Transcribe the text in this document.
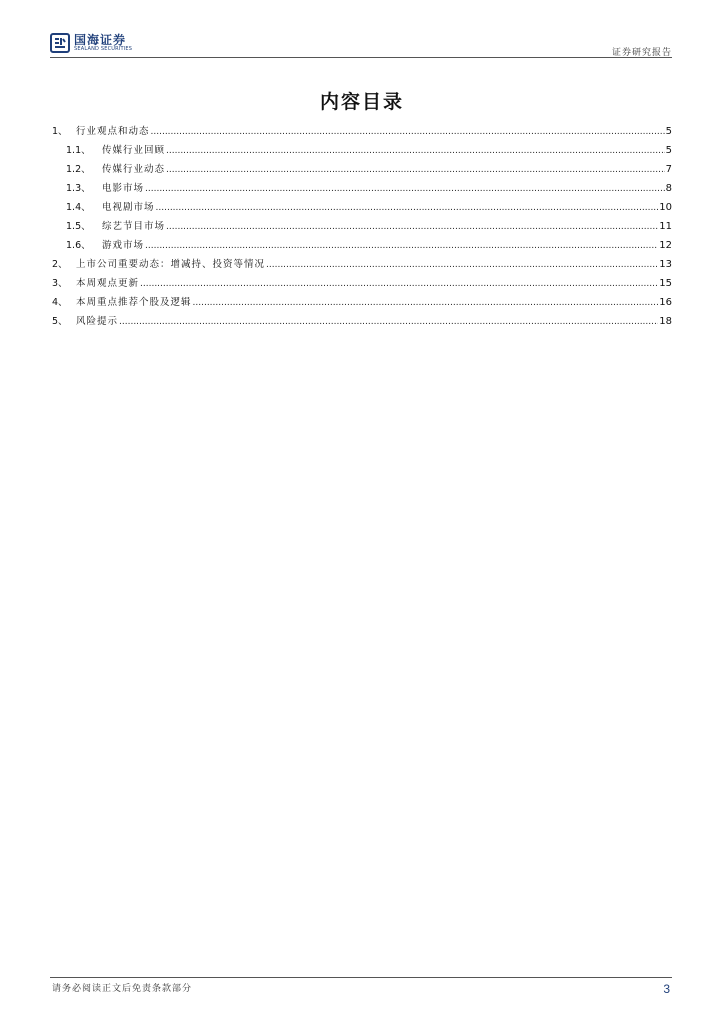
国海证券
SEALAND SECURITIES	证券研究报告
内容目录
1、 行业观点和动态 .....	5
1.1、	传媒行业回顾 .....	5
1.2、	传媒行业动态 .....	7
1.3、	电影市场 .....	8
1.4、	电视剧市场 .....	10
1.5、	综艺节目市场 .....	11
1.6、	游戏市场 .....	12
2、 上市公司重要动态：增减持、投资等情况 .....	13
3、 本周观点更新 .....	15
4、 本周重点推荐个股及逻辑 .....	16
5、 风险提示 .....	18
请务必阅读正文后免责条款部分	3
